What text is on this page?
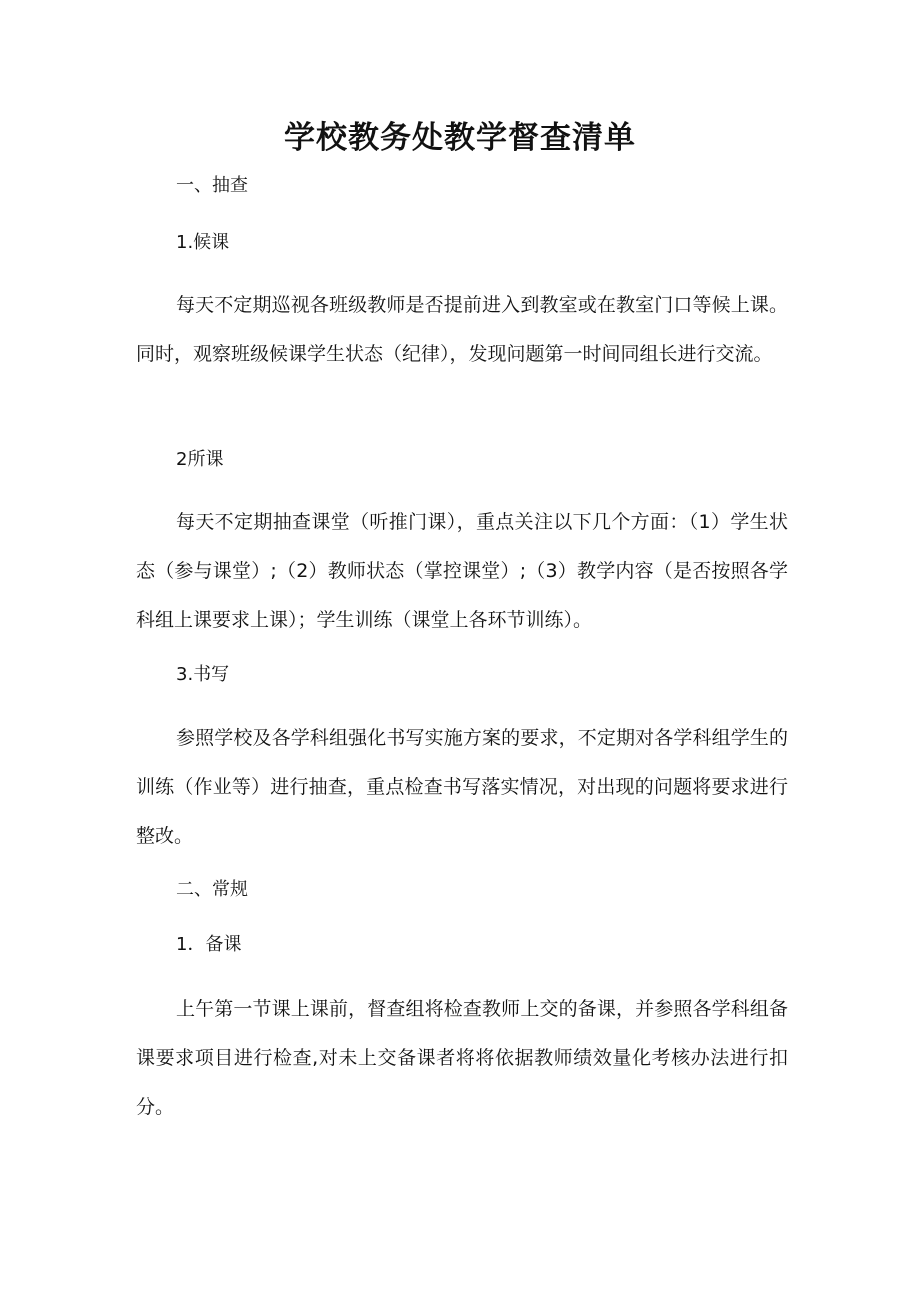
学校教务处教学督查清单
一、抽查
1.候课

每天不定期巡视各班级教师是否提前进入到教室或在教室门口等候上课。同时，观察班级候课学生状态（纪律），发现问题第一时间同组长进行交流。

2所课

每天不定期抽查课堂（听推门课），重点关注以下几个方面：（1）学生状态（参与课堂）;（2）教师状态（掌控课堂）;（3）教学内容（是否按照各学科组上课要求上课）；学生训练（课堂上各环节训练）。

3.书写

参照学校及各学科组强化书写实施方案的要求，不定期对各学科组学生的训练（作业等）进行抽查，重点检查书写落实情况，对出现的问题将要求进行整改。

二、常规
1．备课

上午第一节课上课前，督查组将检查教师上交的备课，并参照各学科组备课要求项目进行检查,对未上交备课者将将依据教师绩效量化考核办法进行扣分。
